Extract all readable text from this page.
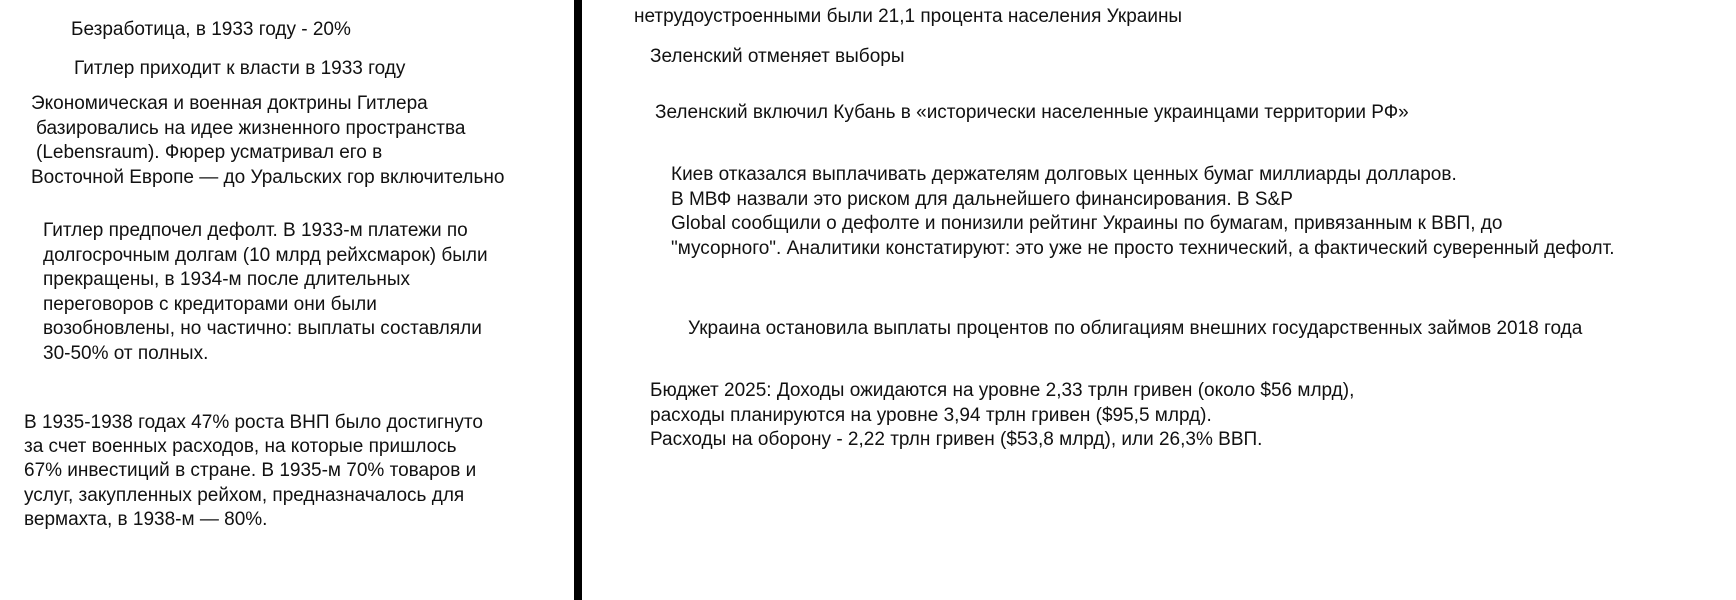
Безработица, в 1933 году - 20%
Гитлер приходит к власти в 1933 году
Экономическая и военная доктрины Гитлера
базировались на идее жизненного пространства
(Lebensraum). Фюрер усматривал его в
Восточной Европе — до Уральских гор включительно
Гитлер предпочел дефолт. В 1933-м платежи по
долгосрочным долгам (10 млрд рейхсмарок) были
прекращены, в 1934-м после длительных
переговоров с кредиторами они были
возобновлены, но частично: выплаты составляли
30-50% от полных.
В 1935-1938 годах 47% роста ВНП было достигнуто
за счет военных расходов, на которые пришлось
67% инвестиций в стране. В 1935-м 70% товаров и
услуг, закупленных рейхом, предназначалось для
вермахта, в 1938-м — 80%.
нетрудоустроенными были 21,1 процента населения Украины
Зеленский отменяет выборы
Зеленский включил Кубань в «исторически населенные украинцами территории РФ»
Киев отказался выплачивать держателям долговых ценных бумаг миллиарды долларов.
В МВФ назвали это риском для дальнейшего финансирования. В S&P
Global сообщили о дефолте и понизили рейтинг Украины по бумагам, привязанным к ВВП, до
"мусорного". Аналитики констатируют: это уже не просто технический, а фактический суверенный дефолт.
Украина остановила выплаты процентов по облигациям внешних государственных займов 2018 года
Бюджет 2025: Доходы ожидаются на уровне 2,33 трлн гривен (около $56 млрд),
расходы планируются на уровне 3,94 трлн гривен ($95,5 млрд).
Расходы на оборону - 2,22 трлн гривен ($53,8 млрд), или 26,3% ВВП.
